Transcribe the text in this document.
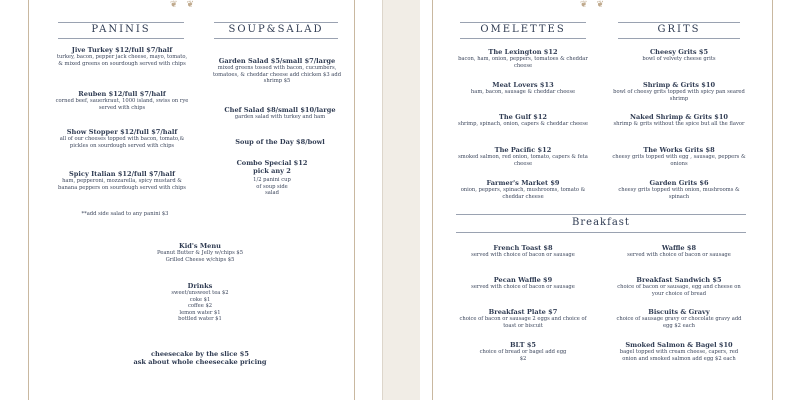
❦ ❦
PANINIS
Jive Turkey $12/full $7/half
turkey, bacon, pepper jack cheese, mayo, tomato, & mixed greens on sourdough served with chips
Reuben $12/full $7/half
corned beef, sauerkraut, 1000 island, swiss on rye served with chips
Show Stopper $12/full $7/half
all of our cheeses topped with bacon, tomato,& pickles on sourdough served with chips
Spicy Italian $12/full $7/half
ham, pepperoni, mozzarella, spicy mustard & banana peppers on sourdough served with chips
**add side salad to any panini $3
SOUP&SALAD
Garden Salad $5/small $7/large
mixed greens tossed with bacon, cucumbers, tomatoes, & cheddar cheese add chicken $3 add shrimp $5
Chef Salad $8/small $10/large
garden salad with turkey and ham
Soup of the Day $8/bowl
Combo Special $12
pick any 2
1/2 panini cup of soup side salad
Kid's Menu
Peanut Butter & Jelly w/chips $5
Grilled Cheese w/chips $5
Drinks
sweet/unsweet tea $2
coke $1
coffee $2
lemon water $1
bottled water $1
cheesecake by the slice $5
ask about whole cheesecake pricing
❦ ❦
OMELETTES
The Lexington $12
bacon, ham, onion, peppers, tomatoes & cheddar cheese
Meat Lovers $13
ham, bacon, sausage & cheddar cheese
The Gulf $12
shrimp, spinach, onion, capers & cheddar cheese
The Pacific $12
smoked salmon, red onion, tomato, capers & feta cheese
Farmer's Market $9
onion, peppers, spinach, mushrooms, tomato & cheddar cheese
GRITS
Cheesy Grits $5
bowl of velvety cheese grits
Shrimp & Grits $10
bowl of cheesy grits topped with spicy pan seared shrimp
Naked Shrimp & Grits $10
shrimp & grits without the spice but all the flavor
The Works Grits $8
cheesy grits topped with egg , sausage, peppers & onions
Garden Grits $6
cheesy grits topped with onion, mushrooms & spinach
Breakfast
French Toast $8
served with choice of bacon or sausage
Pecan Waffle $9
served with choice of bacon or sausage
Breakfast Plate $7
choice of bacon or sausage 2 eggs and choice of toast or biscuit
BLT $5
choice of bread or bagel add egg $2
Waffle $8
served with choice of bacon or sausage
Breakfast Sandwich $5
choice of bacon or sausage, egg and cheese on your choice of bread
Biscuits & Gravy
choice of sausage gravy or chocolate gravy add egg $2 each
Smoked Salmon & Bagel $10
bagel topped with cream cheese, capers, red onion and smoked salmon add egg $2 each
